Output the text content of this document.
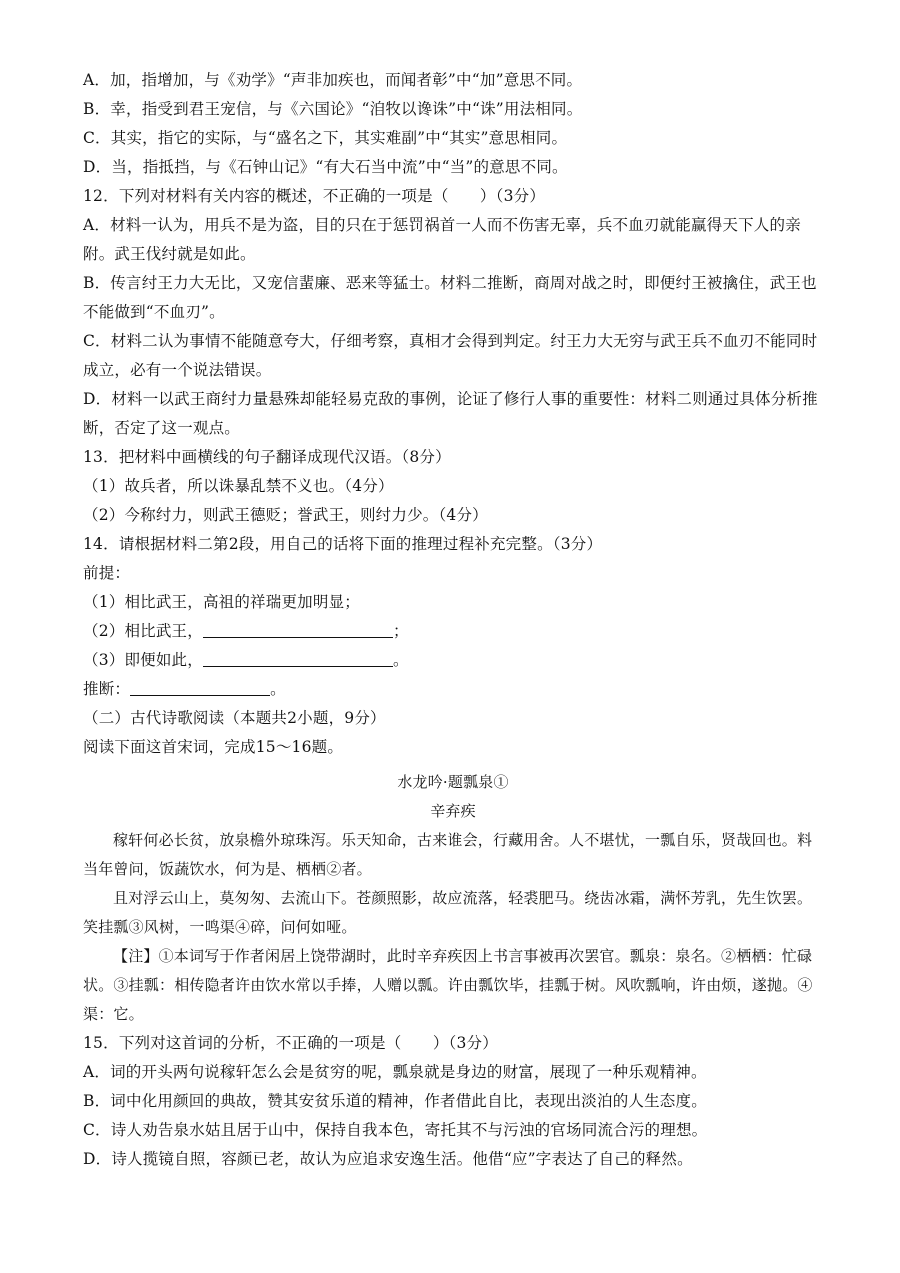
A．加，指增加，与《劝学》“声非加疾也，而闻者彰”中“加”意思不同。
B．幸，指受到君王宠信，与《六国论》“洎牧以谗诛”中“诛”用法相同。
C．其实，指它的实际，与“盛名之下，其实难副”中“其实”意思相同。
D．当，指抵挡，与《石钟山记》“有大石当中流”中“当”的意思不同。
12．下列对材料有关内容的概述，不正确的一项是（　　）（3分）
A．材料一认为，用兵不是为盗，目的只在于惩罚祸首一人而不伤害无辜，兵不血刃就能赢得天下人的亲附。武王伐纣就是如此。
B．传言纣王力大无比，又宠信蜚廉、恶来等猛士。材料二推断，商周对战之时，即便纣王被擒住，武王也不能做到“不血刃”。
C．材料二认为事情不能随意夸大，仔细考察，真相才会得到判定。纣王力大无穷与武王兵不血刃不能同时成立，必有一个说法错误。
D．材料一以武王商纣力量悬殊却能轻易克敌的事例，论证了修行人事的重要性：材料二则通过具体分析推断，否定了这一观点。
13．把材料中画横线的句子翻译成现代汉语。（8分）
（1）故兵者，所以诛暴乱禁不义也。（4分）
（2）今称纣力，则武王德贬；誉武王，则纣力少。（4分）
14．请根据材料二第2段，用自己的话将下面的推理过程补充完整。（3分）
前提：
（1）相比武王，高祖的祥瑞更加明显；
（2）相比武王，	；
（3）即便如此，	。
推断：	。
（二）古代诗歌阅读（本题共2小题，9分）
阅读下面这首宋词，完成15～16题。
水龙吟·题瓢泉①
辛弃疾
稼轩何必长贫，放泉檐外琼珠泻。乐天知命，古来谁会，行藏用舍。人不堪忧，一瓢自乐，贤哉回也。料当年曾问，饭蔬饮水，何为是、栖栖②者。
且对浮云山上，莫匆匆、去流山下。苍颜照影，故应流落，轻裘肥马。绕齿冰霜，满怀芳乳，先生饮罢。笑挂瓢③风树，一鸣渠④碎，问何如哑。
【注】①本词写于作者闲居上饶带湖时，此时辛弃疾因上书言事被再次罢官。瓢泉：泉名。②栖栖：忙碌状。③挂瓢：相传隐者许由饮水常以手捧，人赠以瓢。许由瓢饮毕，挂瓢于树。风吹瓢响，许由烦，遂抛。④渠：它。
15．下列对这首词的分析，不正确的一项是（　　）（3分）
A．词的开头两句说稼轩怎么会是贫穷的呢，瓢泉就是身边的财富，展现了一种乐观精神。
B．词中化用颜回的典故，赞其安贫乐道的精神，作者借此自比，表现出淡泊的人生态度。
C．诗人劝告泉水姑且居于山中，保持自我本色，寄托其不与污浊的官场同流合污的理想。
D．诗人揽镜自照，容颜已老，故认为应追求安逸生活。他借“应”字表达了自己的释然。
